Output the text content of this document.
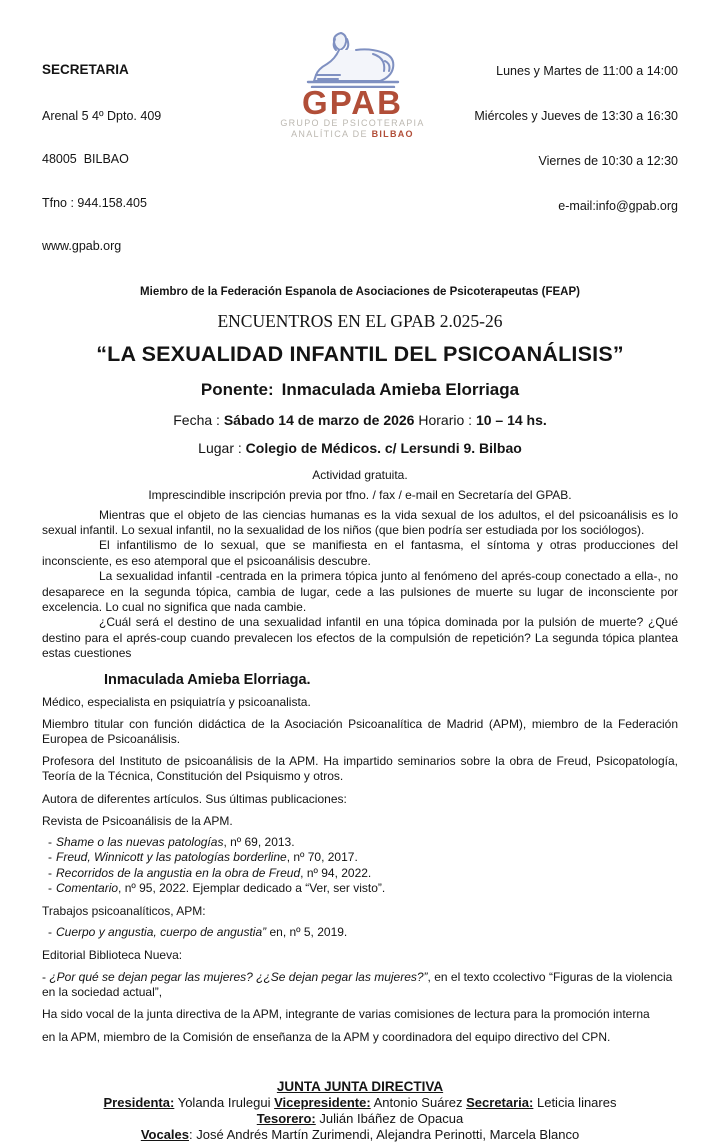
SECRETARIA

Arenal 5 4º Dpto. 409

48005  BILBAO

Tfno : 944.158.405

www.gpab.org

GPAB
GRUPO DE PSICOTERAPIA
ANALÍTICA DE BILBAO

Lunes y Martes de 11:00 a 14:00

Miércoles y Jueves de 13:30 a 16:30

Viernes de 10:30 a 12:30

e-mail:info@gpab.org

Miembro de la Federación Espanola de Asociaciones de Psicoterapeutas (FEAP)
ENCUENTROS EN EL GPAB 2.025-26
“LA SEXUALIDAD INFANTIL DEL PSICOANÁLISIS”
Ponente: Inmaculada Amieba Elorriaga
Fecha : Sábado 14 de marzo de 2026 Horario : 10 – 14 hs.
Lugar : Colegio de Médicos. c/ Lersundi 9. Bilbao
Actividad gratuita.
Imprescindible inscripción previa por tfno. / fax / e-mail en Secretaría del GPAB.

Mientras que el objeto de las ciencias humanas es la vida sexual de los adultos, el del psicoanálisis es lo sexual infantil. Lo sexual infantil, no la sexualidad de los niños (que bien podría ser estudiada por los sociólogos).

El infantilismo de lo sexual, que se manifiesta en el fantasma, el síntoma y otras producciones del inconsciente, es eso atemporal que el psicoanálisis descubre.

La sexualidad infantil -centrada en la primera tópica junto al fenómeno del aprés-coup conectado a ella-, no desaparece en la segunda tópica, cambia de lugar, cede a las pulsiones de muerte su lugar de inconsciente por excelencia. Lo cual no significa que nada cambie.

¿Cuál será el destino de una sexualidad infantil en una tópica dominada por la pulsión de muerte? ¿Qué destino para el aprés-coup cuando prevalecen los efectos de la compulsión de repetición? La segunda tópica plantea estas cuestiones

Inmaculada Amieba Elorriaga.

Médico, especialista en psiquiatría y psicoanalista.

Miembro titular con función didáctica de la Asociación Psicoanalítica de Madrid (APM), miembro de la Federación Europea de Psicoanálisis.

Profesora del Instituto de psicoanálisis de la APM. Ha impartido seminarios sobre la obra de Freud, Psicopatología, Teoría de la Técnica, Constitución del Psiquismo y otros.

Autora de diferentes artículos. Sus últimas publicaciones:

Revista de Psicoanálisis de la APM.

- Shame o las nuevas patologías, nº 69, 2013.
- Freud, Winnicott y las patologías borderline, nº 70, 2017.
- Recorridos de la angustia en la obra de Freud, nº 94, 2022.
- Comentario, nº 95, 2022. Ejemplar dedicado a “Ver, ser visto”.

Trabajos psicoanalíticos, APM:

- Cuerpo y angustia, cuerpo de angustia” en, nº 5, 2019.

Editorial Biblioteca Nueva:

- ¿Por qué se dejan pegar las mujeres? ¿¿Se dejan pegar las mujeres?”, en el texto ccolectivo “Figuras de la violencia en la sociedad actual”,

Ha sido vocal de la junta directiva de la APM, integrante de varias comisiones de lectura para la promoción interna

en la APM, miembro de la Comisión de enseñanza de la APM y coordinadora del equipo directivo del CPN.

JUNTA JUNTA DIRECTIVA
Presidenta: Yolanda Irulegui Vicepresidente: Antonio Suárez Secretaria: Leticia linares
Tesorero: Julián Ibáñez de Opacua
Vocales: José Andrés Martín Zurimendi, Alejandra Perinotti, Marcela Blanco
